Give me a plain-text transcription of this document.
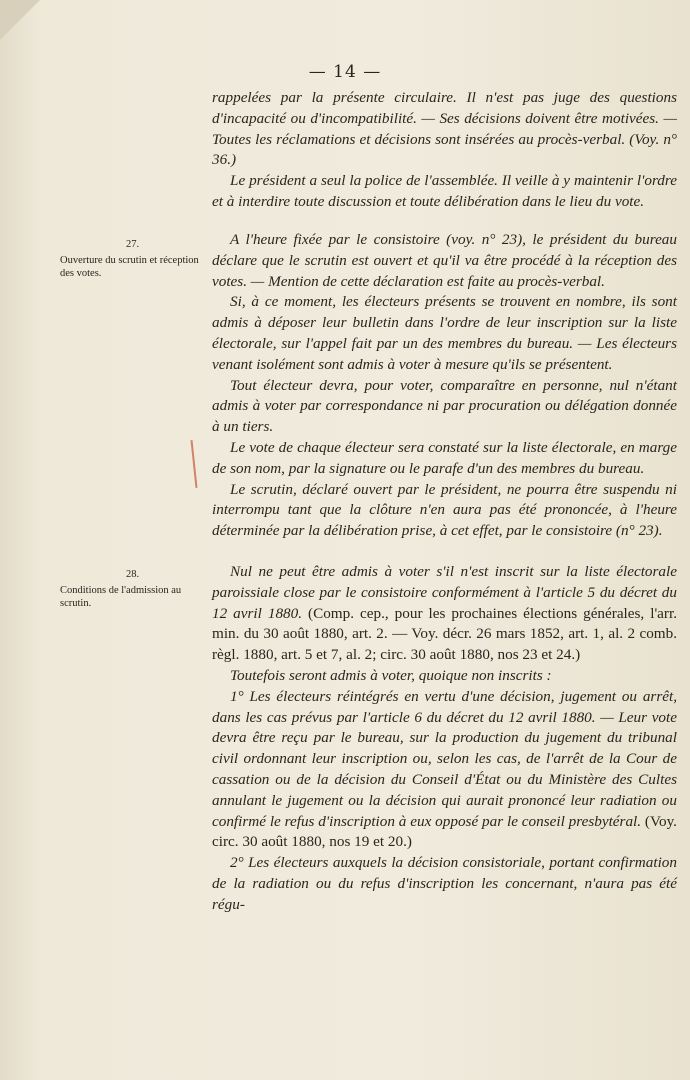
— 14 —

rappelées par la présente circulaire. Il n'est pas juge des questions d'incapacité ou d'incompatibilité. — Ses décisions doivent être motivées. — Toutes les réclamations et décisions sont insérées au procès-verbal. (Voy. n° 36.)

Le président a seul la police de l'assemblée. Il veille à y maintenir l'ordre et à interdire toute discussion et toute délibération dans le lieu du vote.

27.
Ouverture du scrutin et réception des votes.

A l'heure fixée par le consistoire (voy. n° 23), le président du bureau déclare que le scrutin est ouvert et qu'il va être procédé à la réception des votes. — Mention de cette déclaration est faite au procès-verbal.

Si, à ce moment, les électeurs présents se trouvent en nombre, ils sont admis à déposer leur bulletin dans l'ordre de leur inscription sur la liste électorale, sur l'appel fait par un des membres du bureau. — Les électeurs venant isolément sont admis à voter à mesure qu'ils se présentent.

Tout électeur devra, pour voter, comparaître en personne, nul n'étant admis à voter par correspondance ni par procuration ou délégation donnée à un tiers.

Le vote de chaque électeur sera constaté sur la liste électorale, en marge de son nom, par la signature ou le parafe d'un des membres du bureau.

Le scrutin, déclaré ouvert par le président, ne pourra être suspendu ni interrompu tant que la clôture n'en aura pas été prononcée, à l'heure déterminée par la délibération prise, à cet effet, par le consistoire (n° 23).

28.
Conditions de l'admission au scrutin.

Nul ne peut être admis à voter s'il n'est inscrit sur la liste électorale paroissiale close par le consistoire conformément à l'article 5 du décret du 12 avril 1880. (Comp. cep., pour les prochaines élections générales, l'arr. min. du 30 août 1880, art. 2. — Voy. décr. 26 mars 1852, art. 1, al. 2 comb. règl. 1880, art. 5 et 7, al. 2; circ. 30 août 1880, nos 23 et 24.)

Toutefois seront admis à voter, quoique non inscrits :

1° Les électeurs réintégrés en vertu d'une décision, jugement ou arrêt, dans les cas prévus par l'article 6 du décret du 12 avril 1880. — Leur vote devra être reçu par le bureau, sur la production du jugement du tribunal civil ordonnant leur inscription ou, selon les cas, de l'arrêt de la Cour de cassation ou de la décision du Conseil d'État ou du Ministère des Cultes annulant le jugement ou la décision qui aurait prononcé leur radiation ou confirmé le refus d'inscription à eux opposé par le conseil presbytéral. (Voy. circ. 30 août 1880, nos 19 et 20.)

2° Les électeurs auxquels la décision consistoriale, portant confirmation de la radiation ou du refus d'inscription les concernant, n'aura pas été régu-
